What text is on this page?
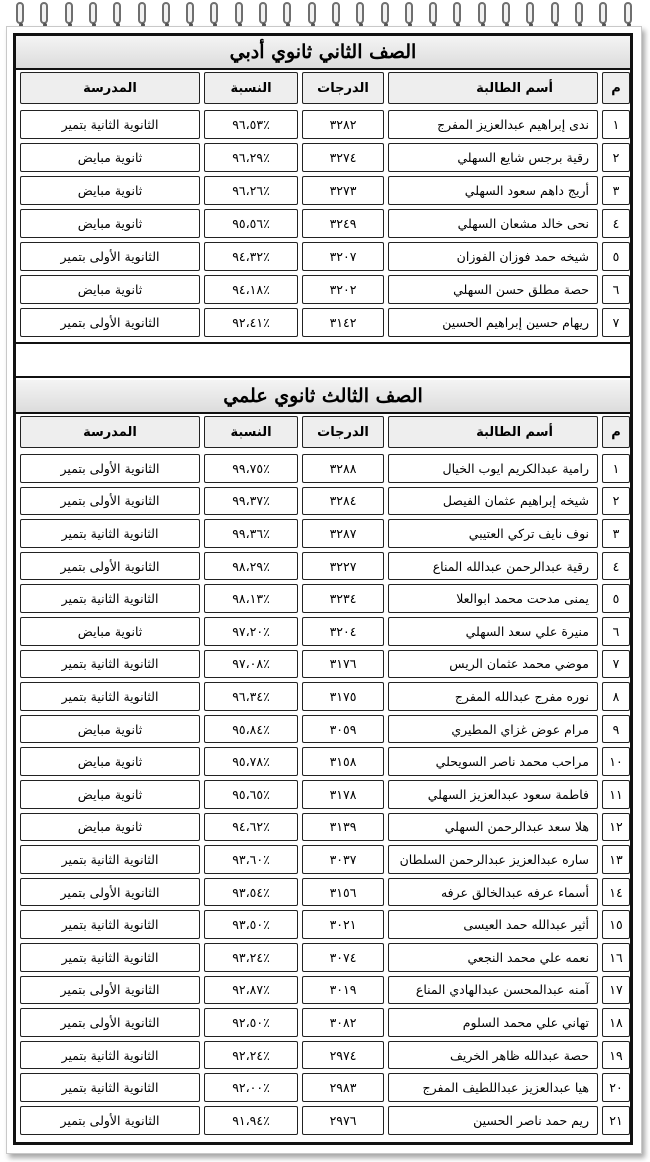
الصف الثاني ثانوي أدبي
م
أسم الطالبة
الدرجات
النسبة
المدرسة
١
ندى إبراهيم عبدالعزيز المفرج
٣٢٨٢
٪٩٦،٥٣
الثانوية الثانية بتمير
٢
رقية برجس شايع السهلي
٣٢٧٤
٪٩٦،٢٩
ثانوية مبايض
٣
أريج داهم سعود السهلي
٣٢٧٣
٪٩٦،٢٦
ثانوية مبايض
٤
نحى خالد مشعان السهلي
٣٢٤٩
٪٩٥،٥٦
ثانوية مبايض
٥
شيخه حمد فوزان الفوزان
٣٢٠٧
٪٩٤،٣٢
الثانوية الأولى بتمير
٦
حصة مطلق حسن السهلي
٣٢٠٢
٪٩٤،١٨
ثانوية مبايض
٧
ريهام حسين إبراهيم الحسين
٣١٤٢
٪٩٢،٤١
الثانوية الأولى بتمير
الصف الثالث ثانوي علمي
م
أسم الطالبة
الدرجات
النسبة
المدرسة
١
رامية عبدالكريم ايوب الخيال
٣٢٨٨
٪٩٩،٧٥
الثانوية الأولى بتمير
٢
شيخه إبراهيم عثمان الفيصل
٣٢٨٤
٪٩٩،٣٧
الثانوية الأولى بتمير
٣
نوف نايف تركي العتيبي
٣٢٨٧
٪٩٩،٣٦
الثانوية الثانية بتمير
٤
رقية عبدالرحمن عبدالله المناع
٣٢٢٧
٪٩٨،٢٩
الثانوية الأولى بتمير
٥
يمنى مدحت محمد ابوالعلا
٣٢٣٤
٪٩٨،١٣
الثانوية الثانية بتمير
٦
منيرة علي سعد السهلي
٣٢٠٤
٪٩٧،٢٠
ثانوية مبايض
٧
موضي محمد عثمان الريس
٣١٧٦
٪٩٧،٠٨
الثانوية الثانية بتمير
٨
نوره مفرج عبدالله المفرج
٣١٧٥
٪٩٦،٣٤
الثانوية الثانية بتمير
٩
مرام عوض غزاي المطيري
٣٠٥٩
٪٩٥،٨٤
ثانوية مبايض
١٠
مراحب محمد ناصر السويحلي
٣١٥٨
٪٩٥،٧٨
ثانوية مبايض
١١
فاطمة سعود عبدالعزيز السهلي
٣١٧٨
٪٩٥،٦٥
ثانوية مبايض
١٢
هلا سعد عبدالرحمن السهلي
٣١٣٩
٪٩٤،٦٢
ثانوية مبايض
١٣
ساره عبدالعزيز عبدالرحمن السلطان
٣٠٣٧
٪٩٣،٦٠
الثانوية الثانية بتمير
١٤
أسماء عرفه عبدالخالق عرفه
٣١٥٦
٪٩٣،٥٤
الثانوية الأولى بتمير
١٥
أثير عبدالله حمد العيسى
٣٠٢١
٪٩٣،٥٠
الثانوية الثانية بتمير
١٦
نعمه علي محمد النجعي
٣٠٧٤
٪٩٣،٢٤
الثانوية الثانية بتمير
١٧
آمنه عبدالمحسن عبدالهادي المناع
٣٠١٩
٪٩٢،٨٧
الثانوية الأولى بتمير
١٨
تهاني علي محمد السلوم
٣٠٨٢
٪٩٢،٥٠
الثانوية الأولى بتمير
١٩
حصة عبدالله ظاهر الخريف
٢٩٧٤
٪٩٢،٢٤
الثانوية الثانية بتمير
٢٠
هيا عبدالعزيز عبداللطيف المفرج
٢٩٨٣
٪٩٢،٠٠
الثانوية الثانية بتمير
٢١
ريم حمد ناصر الحسين
٢٩٧٦
٪٩١،٩٤
الثانوية الأولى بتمير
